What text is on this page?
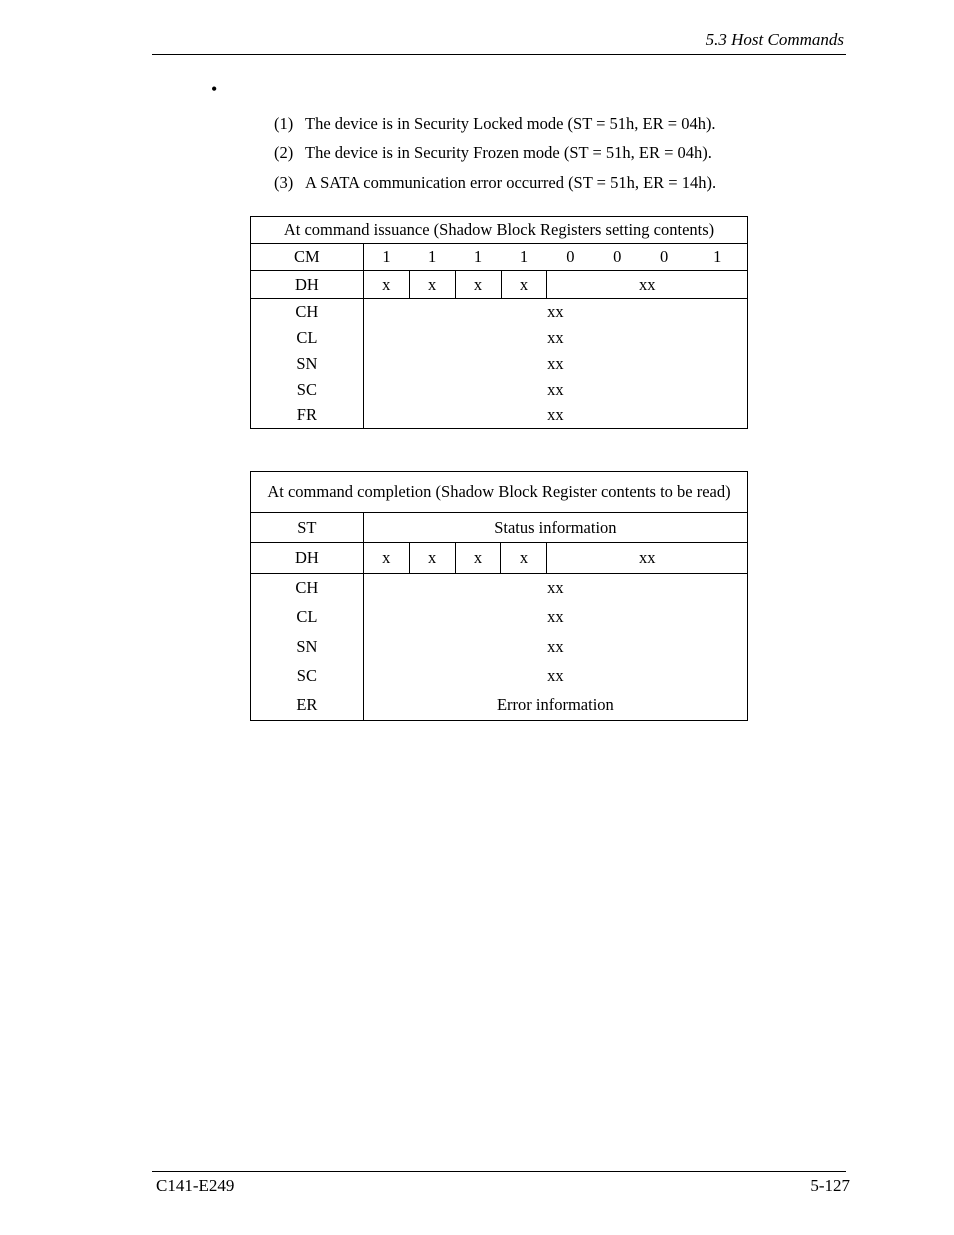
5.3 Host Commands
•
(1) The device is in Security Locked mode (ST = 51h, ER = 04h).
(2) The device is in Security Frozen mode (ST = 51h, ER = 04h).
(3) A SATA communication error occurred (ST = 51h, ER = 14h).
At command issuance (Shadow Block Registers setting contents)								
CM	1	1	1	1	0	0	0	1
DH	x	x	x	x	xx			
CH	xx							
CL	xx							
SN	xx							
SC	xx							
FR	xx							
At command completion (Shadow Block Register contents to be read)					
ST	Status information				
DH	x	x	x	x	xx
CH	xx				
CL	xx				
SN	xx				
SC	xx				
ER	Error information				
C141-E249	5-127
